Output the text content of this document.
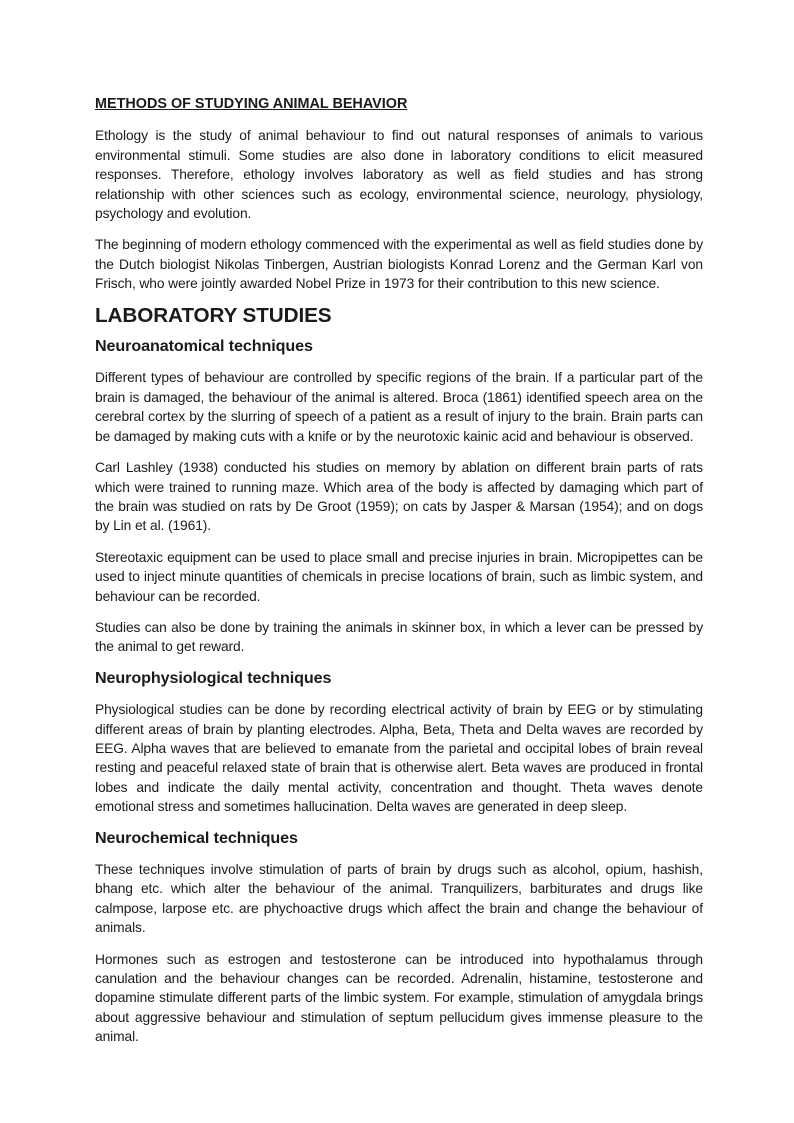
METHODS OF STUDYING ANIMAL BEHAVIOR

Ethology is the study of animal behaviour to find out natural responses of animals to various environmental stimuli. Some studies are also done in laboratory conditions to elicit measured responses. Therefore, ethology involves laboratory as well as field studies and has strong relationship with other sciences such as ecology, environmental science, neurology, physiology, psychology and evolution.

The beginning of modern ethology commenced with the experimental as well as field studies done by the Dutch biologist Nikolas Tinbergen, Austrian biologists Konrad Lorenz and the German Karl von Frisch, who were jointly awarded Nobel Prize in 1973 for their contribution to this new science.

LABORATORY STUDIES
Neuroanatomical techniques

Different types of behaviour are controlled by specific regions of the brain. If a particular part of the brain is damaged, the behaviour of the animal is altered. Broca (1861) identified speech area on the cerebral cortex by the slurring of speech of a patient as a result of injury to the brain. Brain parts can be damaged by making cuts with a knife or by the neurotoxic kainic acid and behaviour is observed.

Carl Lashley (1938) conducted his studies on memory by ablation on different brain parts of rats which were trained to running maze. Which area of the body is affected by damaging which part of the brain was studied on rats by De Groot (1959); on cats by Jasper & Marsan (1954); and on dogs by Lin et al. (1961).

Stereotaxic equipment can be used to place small and precise injuries in brain. Micropipettes can be used to inject minute quantities of chemicals in precise locations of brain, such as limbic system, and behaviour can be recorded.

Studies can also be done by training the animals in skinner box, in which a lever can be pressed by the animal to get reward.

Neurophysiological techniques

Physiological studies can be done by recording electrical activity of brain by EEG or by stimulating different areas of brain by planting electrodes. Alpha, Beta, Theta and Delta waves are recorded by EEG. Alpha waves that are believed to emanate from the parietal and occipital lobes of brain reveal resting and peaceful relaxed state of brain that is otherwise alert. Beta waves are produced in frontal lobes and indicate the daily mental activity, concentration and thought. Theta waves denote emotional stress and sometimes hallucination. Delta waves are generated in deep sleep.

Neurochemical techniques

These techniques involve stimulation of parts of brain by drugs such as alcohol, opium, hashish, bhang etc. which alter the behaviour of the animal. Tranquilizers, barbiturates and drugs like calmpose, larpose etc. are phychoactive drugs which affect the brain and change the behaviour of animals.

Hormones such as estrogen and testosterone can be introduced into hypothalamus through canulation and the behaviour changes can be recorded. Adrenalin, histamine, testosterone and dopamine stimulate different parts of the limbic system. For example, stimulation of amygdala brings about aggressive behaviour and stimulation of septum pellucidum gives immense pleasure to the animal.
